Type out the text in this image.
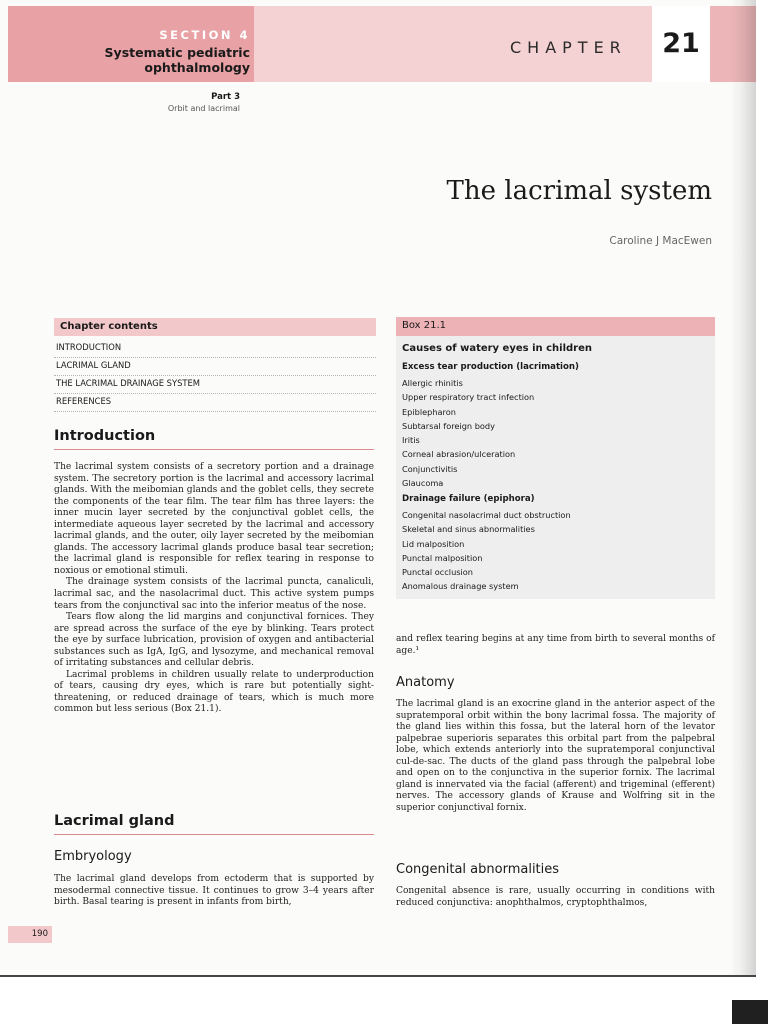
SECTION 4
Systematic pediatric
ophthalmology
CHAPTER	21
Part 3
Orbit and lacrimal
The lacrimal system
Caroline J MacEwen
Chapter contents
INTRODUCTION
LACRIMAL GLAND
THE LACRIMAL DRAINAGE SYSTEM
REFERENCES
Introduction

The lacrimal system consists of a secretory portion and a drainage system. The secretory portion is the lacrimal and accessory lacrimal glands. With the meibomian glands and the goblet cells, they secrete the components of the tear film. The tear film has three layers: the inner mucin layer secreted by the conjunctival goblet cells, the intermediate aqueous layer secreted by the lacrimal and accessory lacrimal glands, and the outer, oily layer secreted by the meibomian glands. The accessory lacrimal glands produce basal tear secretion; the lacrimal gland is responsible for reflex tearing in response to noxious or emotional stimuli.

The drainage system consists of the lacrimal puncta, canaliculi, lacrimal sac, and the nasolacrimal duct. This active system pumps tears from the conjunctival sac into the inferior meatus of the nose.

Tears flow along the lid margins and conjunctival fornices. They are spread across the surface of the eye by blinking. Tears protect the eye by surface lubrication, provision of oxygen and antibacterial substances such as IgA, IgG, and lysozyme, and mechanical removal of irritating substances and cellular debris.

Lacrimal problems in children usually relate to underproduction of tears, causing dry eyes, which is rare but potentially sight-threatening, or reduced drainage of tears, which is much more common but less serious (Box 21.1).

Lacrimal gland
Embryology

The lacrimal gland develops from ectoderm that is supported by mesodermal connective tissue. It continues to grow 3–4 years after birth. Basal tearing is present in infants from birth,

Box 21.1
Causes of watery eyes in children
Excess tear production (lacrimation)
Allergic rhinitis
Upper respiratory tract infection
Epiblepharon
Subtarsal foreign body
Iritis
Corneal abrasion/ulceration
Conjunctivitis
Glaucoma
Drainage failure (epiphora)
Congenital nasolacrimal duct obstruction
Skeletal and sinus abnormalities
Lid malposition
Punctal malposition
Punctal occlusion
Anomalous drainage system

and reflex tearing begins at any time from birth to several months of age.¹

Anatomy

The lacrimal gland is an exocrine gland in the anterior aspect of the supratemporal orbit within the bony lacrimal fossa. The majority of the gland lies within this fossa, but the lateral horn of the levator palpebrae superioris separates this orbital part from the palpebral lobe, which extends anteriorly into the supratemporal conjunctival cul-de-sac. The ducts of the gland pass through the palpebral lobe and open on to the conjunctiva in the superior fornix. The lacrimal gland is innervated via the facial (afferent) and trigeminal (efferent) nerves. The accessory glands of Krause and Wolfring sit in the superior conjunctival fornix.

Congenital abnormalities

Congenital absence is rare, usually occurring in conditions with reduced conjunctiva: anophthalmos, cryptophthalmos,

190
